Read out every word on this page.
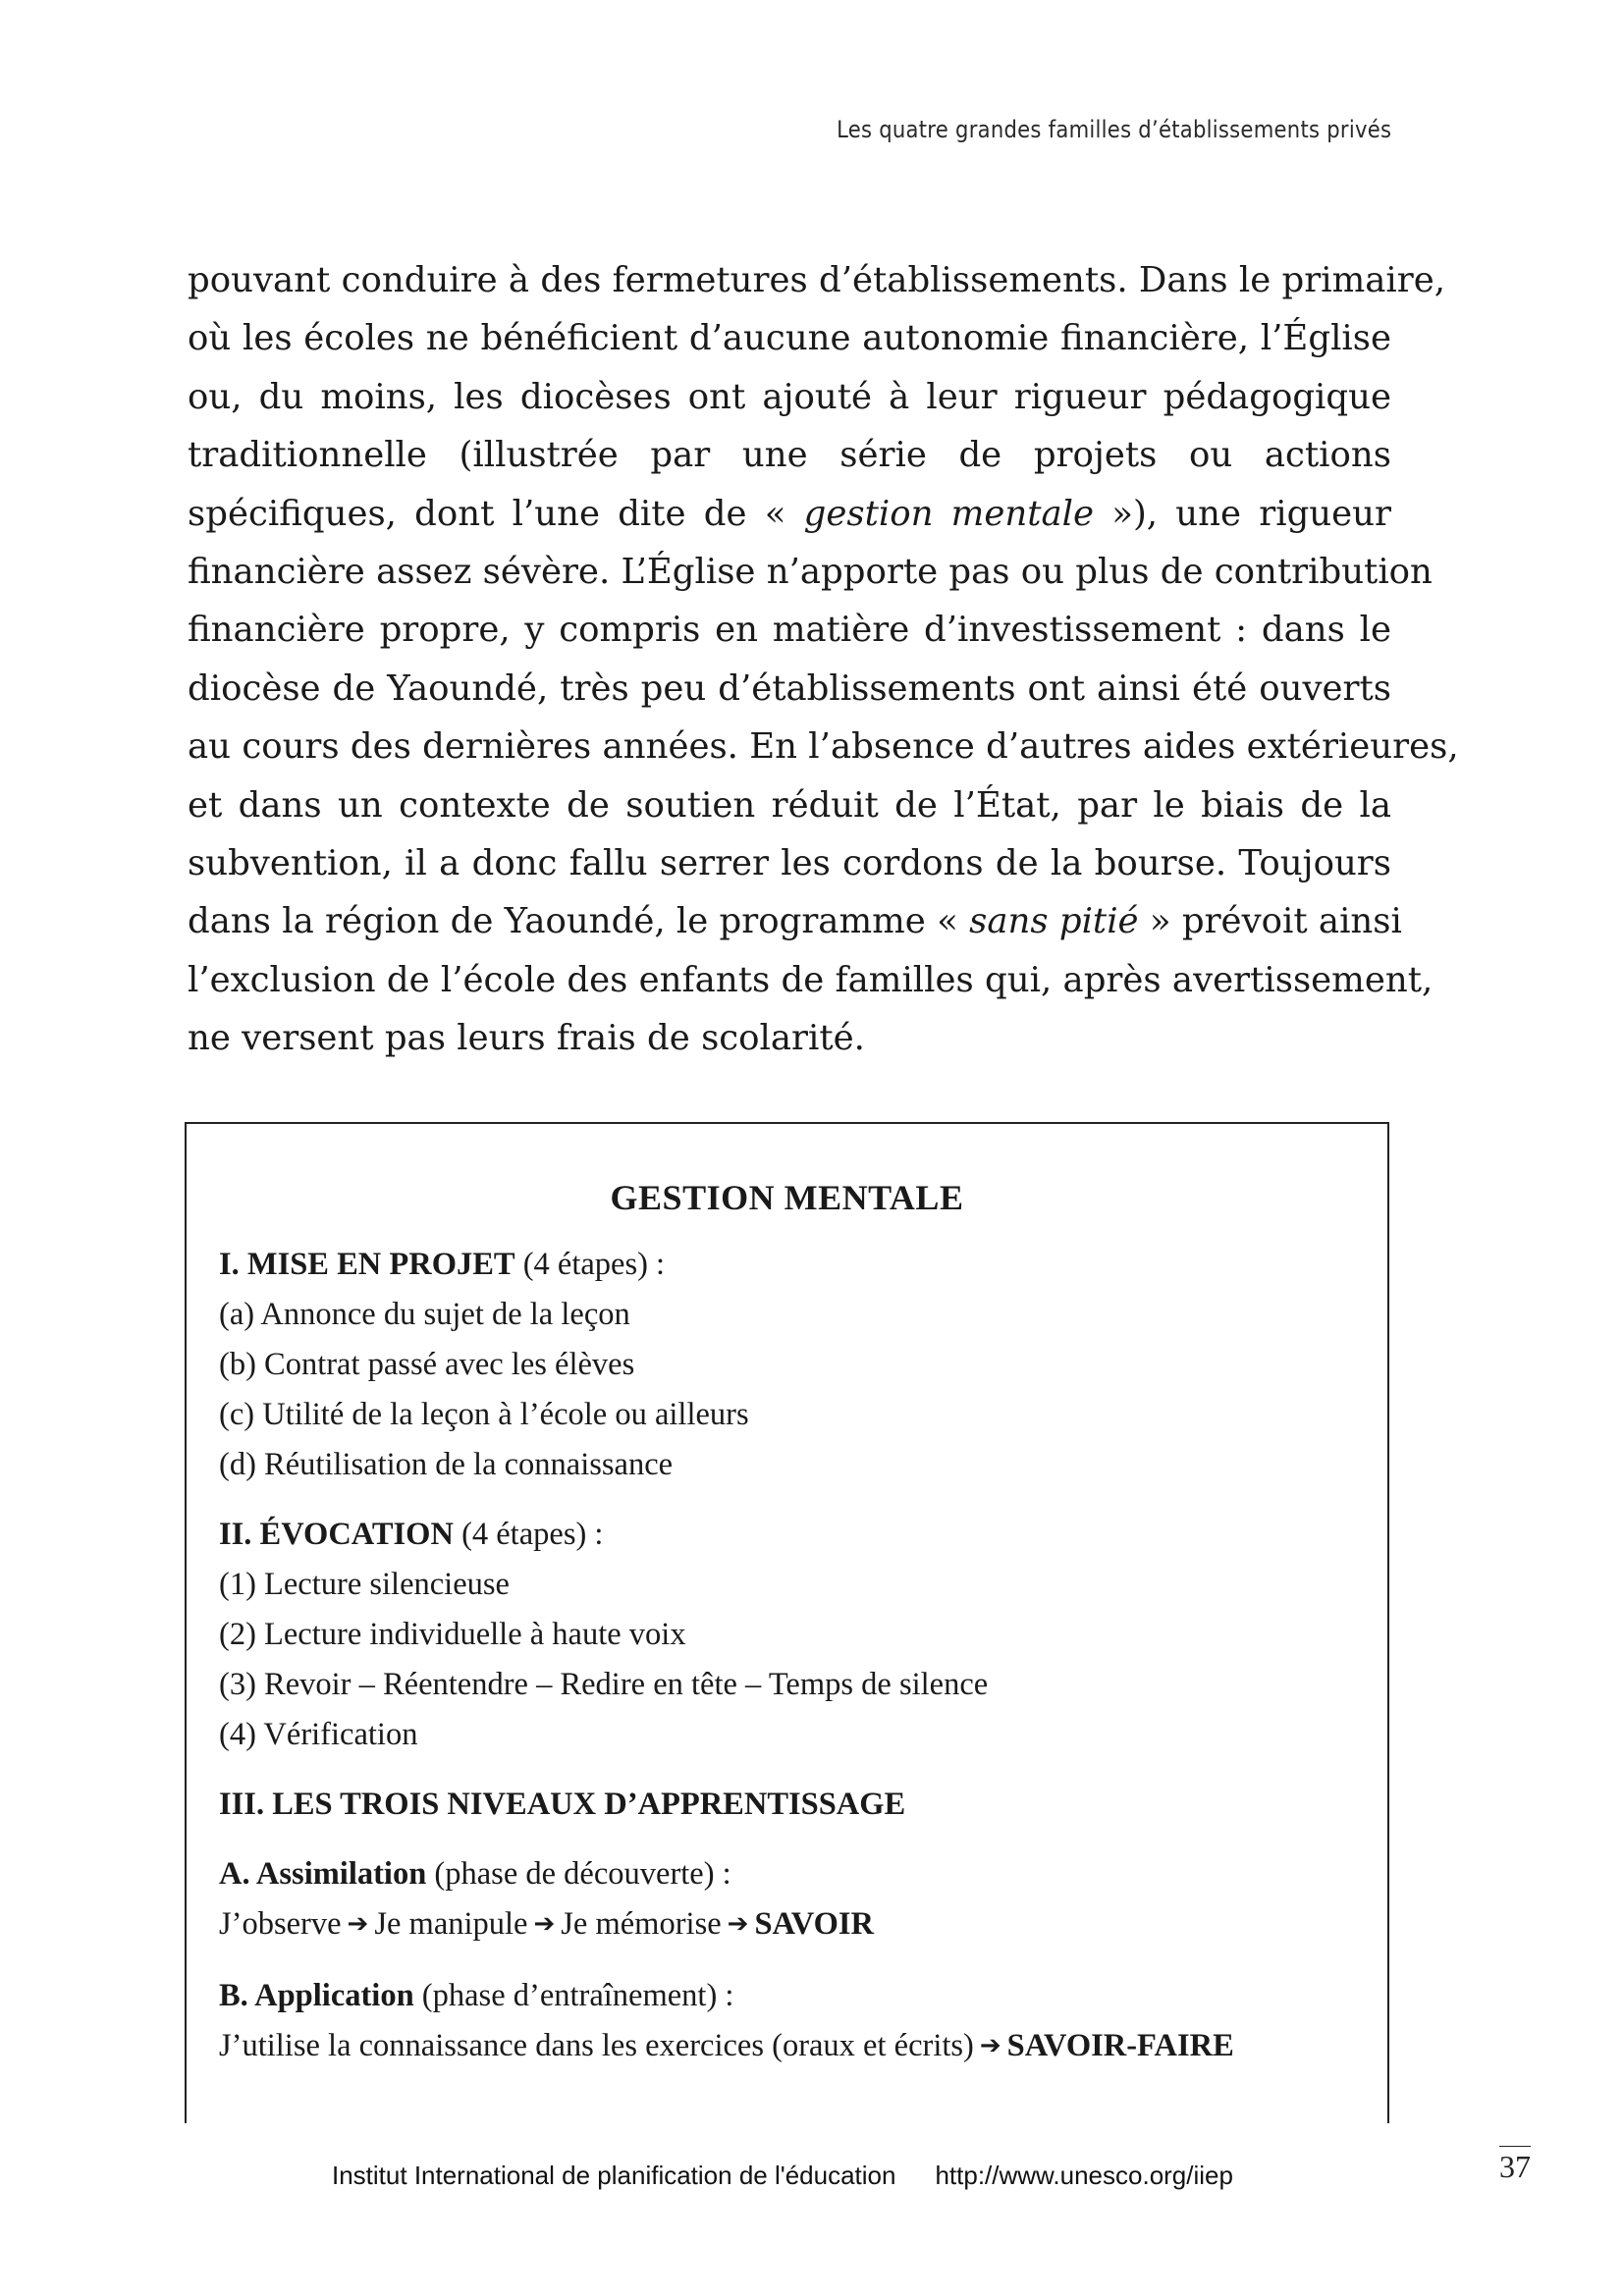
Les quatre grandes familles d’établissements privés
pouvant conduire à des fermetures d’établissements. Dans le primaire,
où les écoles ne bénéficient d’aucune autonomie financière, l’Église
ou, du moins, les diocèses ont ajouté à leur rigueur pédagogique
traditionnelle (illustrée par une série de projets ou actions
spécifiques, dont l’une dite de « gestion mentale »), une rigueur
financière assez sévère. L’Église n’apporte pas ou plus de contribution
financière propre, y compris en matière d’investissement : dans le
diocèse de Yaoundé, très peu d’établissements ont ainsi été ouverts
au cours des dernières années. En l’absence d’autres aides extérieures,
et dans un contexte de soutien réduit de l’État, par le biais de la
subvention, il a donc fallu serrer les cordons de la bourse. Toujours
dans la région de Yaoundé, le programme « sans pitié » prévoit ainsi
l’exclusion de l’école des enfants de familles qui, après avertissement,
ne versent pas leurs frais de scolarité.
GESTION MENTALE
I. MISE EN PROJET (4 étapes) :
(a) Annonce du sujet de la leçon
(b) Contrat passé avec les élèves
(c) Utilité de la leçon à l’école ou ailleurs
(d) Réutilisation de la connaissance
II. ÉVOCATION (4 étapes) :
(1) Lecture silencieuse
(2) Lecture individuelle à haute voix
(3) Revoir – Réentendre – Redire en tête – Temps de silence
(4) Vérification
III. LES TROIS NIVEAUX D’APPRENTISSAGE
A. Assimilation (phase de découverte) :
J’observe ➔ Je manipule ➔ Je mémorise ➔ SAVOIR
B. Application (phase d’entraînement) :
J’utilise la connaissance dans les exercices (oraux et écrits) ➔ SAVOIR-FAIRE
Institut International de planification de l'éducation http://www.unesco.org/iiep	37
